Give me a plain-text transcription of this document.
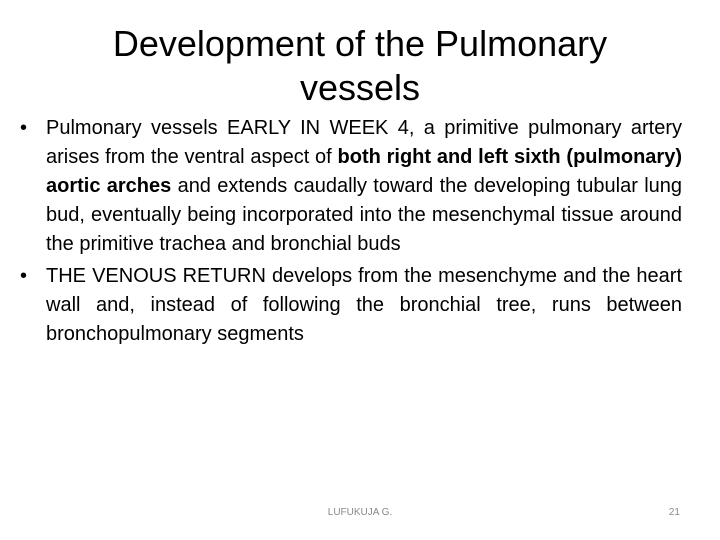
Development of the Pulmonary vessels
• Pulmonary vessels EARLY IN WEEK 4, a primitive pulmonary artery arises from the ventral aspect of both right and left sixth (pulmonary) aortic arches and extends caudally toward the developing tubular lung bud, eventually being incorporated into the mesenchymal tissue around the primitive trachea and bronchial buds
• THE VENOUS RETURN develops from the mesenchyme and the heart wall and, instead of following the bronchial tree, runs between bronchopulmonary segments
LUFUKUJA G.	21
